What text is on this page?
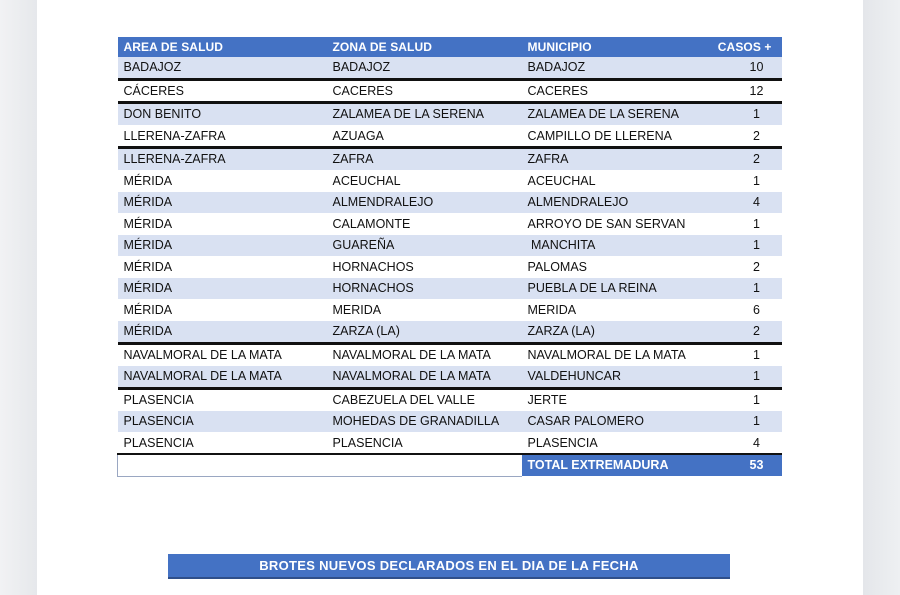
AREA DE SALUD	ZONA DE SALUD	MUNICIPIO	CASOS +
BADAJOZ	BADAJOZ	BADAJOZ	10
CÁCERES	CACERES	CACERES	12
DON BENITO	ZALAMEA DE LA SERENA	ZALAMEA DE LA SERENA	1
LLERENA-ZAFRA	AZUAGA	CAMPILLO DE LLERENA	2
LLERENA-ZAFRA	ZAFRA	ZAFRA	2
MÉRIDA	ACEUCHAL	ACEUCHAL	1
MÉRIDA	ALMENDRALEJO	ALMENDRALEJO	4
MÉRIDA	CALAMONTE	ARROYO DE SAN SERVAN	1
MÉRIDA	GUAREÑA	MANCHITA	1
MÉRIDA	HORNACHOS	PALOMAS	2
MÉRIDA	HORNACHOS	PUEBLA DE LA REINA	1
MÉRIDA	MERIDA	MERIDA	6
MÉRIDA	ZARZA (LA)	ZARZA (LA)	2
NAVALMORAL DE LA MATA	NAVALMORAL DE LA MATA	NAVALMORAL DE LA MATA	1
NAVALMORAL DE LA MATA	NAVALMORAL DE LA MATA	VALDEHUNCAR	1
PLASENCIA	CABEZUELA DEL VALLE	JERTE	1
PLASENCIA	MOHEDAS DE GRANADILLA	CASAR PALOMERO	1
PLASENCIA	PLASENCIA	PLASENCIA	4
		TOTAL EXTREMADURA	53
BROTES NUEVOS DECLARADOS EN EL DIA DE LA FECHA
